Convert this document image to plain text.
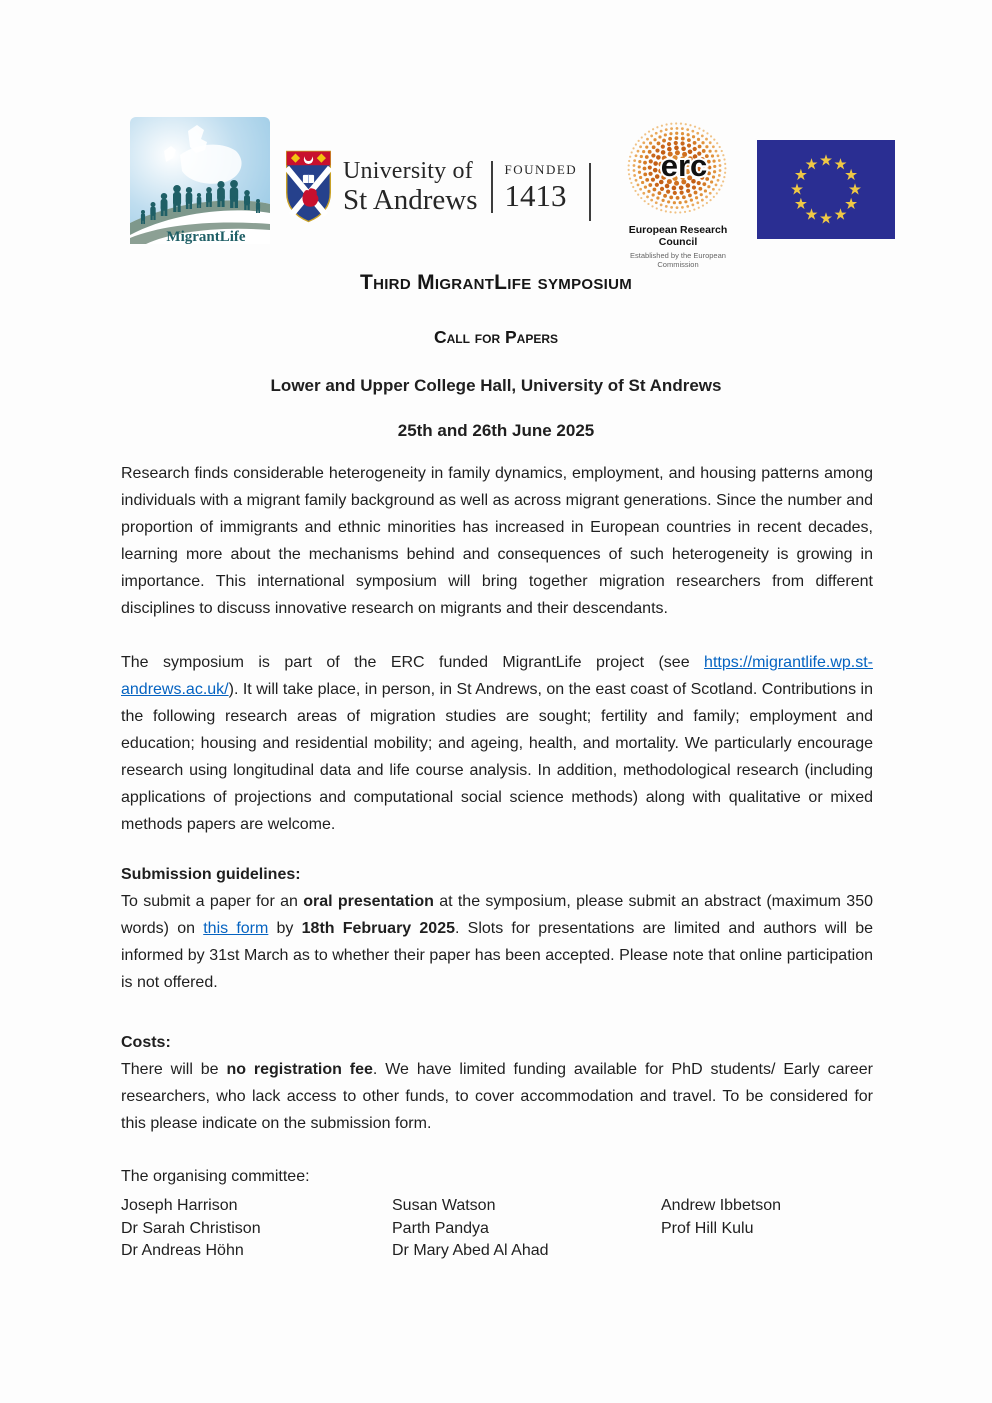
MigrantLife
University of
St Andrews
FOUNDED
1413
erc
European Research Council
Established by the European Commission
Third MigrantLife symposium
Call for Papers
Lower and Upper College Hall, University of St Andrews
25th and 26th June 2025

Research finds considerable heterogeneity in family dynamics, employment, and housing patterns among individuals with a migrant family background as well as across migrant generations. Since the number and proportion of immigrants and ethnic minorities has increased in European countries in recent decades, learning more about the mechanisms behind and consequences of such heterogeneity is growing in importance. This international symposium will bring together migration researchers from different disciplines to discuss innovative research on migrants and their descendants.

The symposium is part of the ERC funded MigrantLife project (see https://migrantlife.wp.st-andrews.ac.uk/). It will take place, in person, in St Andrews, on the east coast of Scotland. Contributions in the following research areas of migration studies are sought; fertility and family; employment and education; housing and residential mobility; and ageing, health, and mortality. We particularly encourage research using longitudinal data and life course analysis. In addition, methodological research (including applications of projections and computational social science methods) along with qualitative or mixed methods papers are welcome.

Submission guidelines:

To submit a paper for an oral presentation at the symposium, please submit an abstract (maximum 350 words) on this form by 18th February 2025. Slots for presentations are limited and authors will be informed by 31st March as to whether their paper has been accepted. Please note that online participation is not offered.

Costs:

There will be no registration fee. We have limited funding available for PhD students/ Early career researchers, who lack access to other funds, to cover accommodation and travel. To be considered for this please indicate on the submission form.

The organising committee:
Joseph Harrison
Dr Sarah Christison
Dr Andreas Höhn
Susan Watson
Parth Pandya
Dr Mary Abed Al Ahad
Andrew Ibbetson
Prof Hill Kulu
